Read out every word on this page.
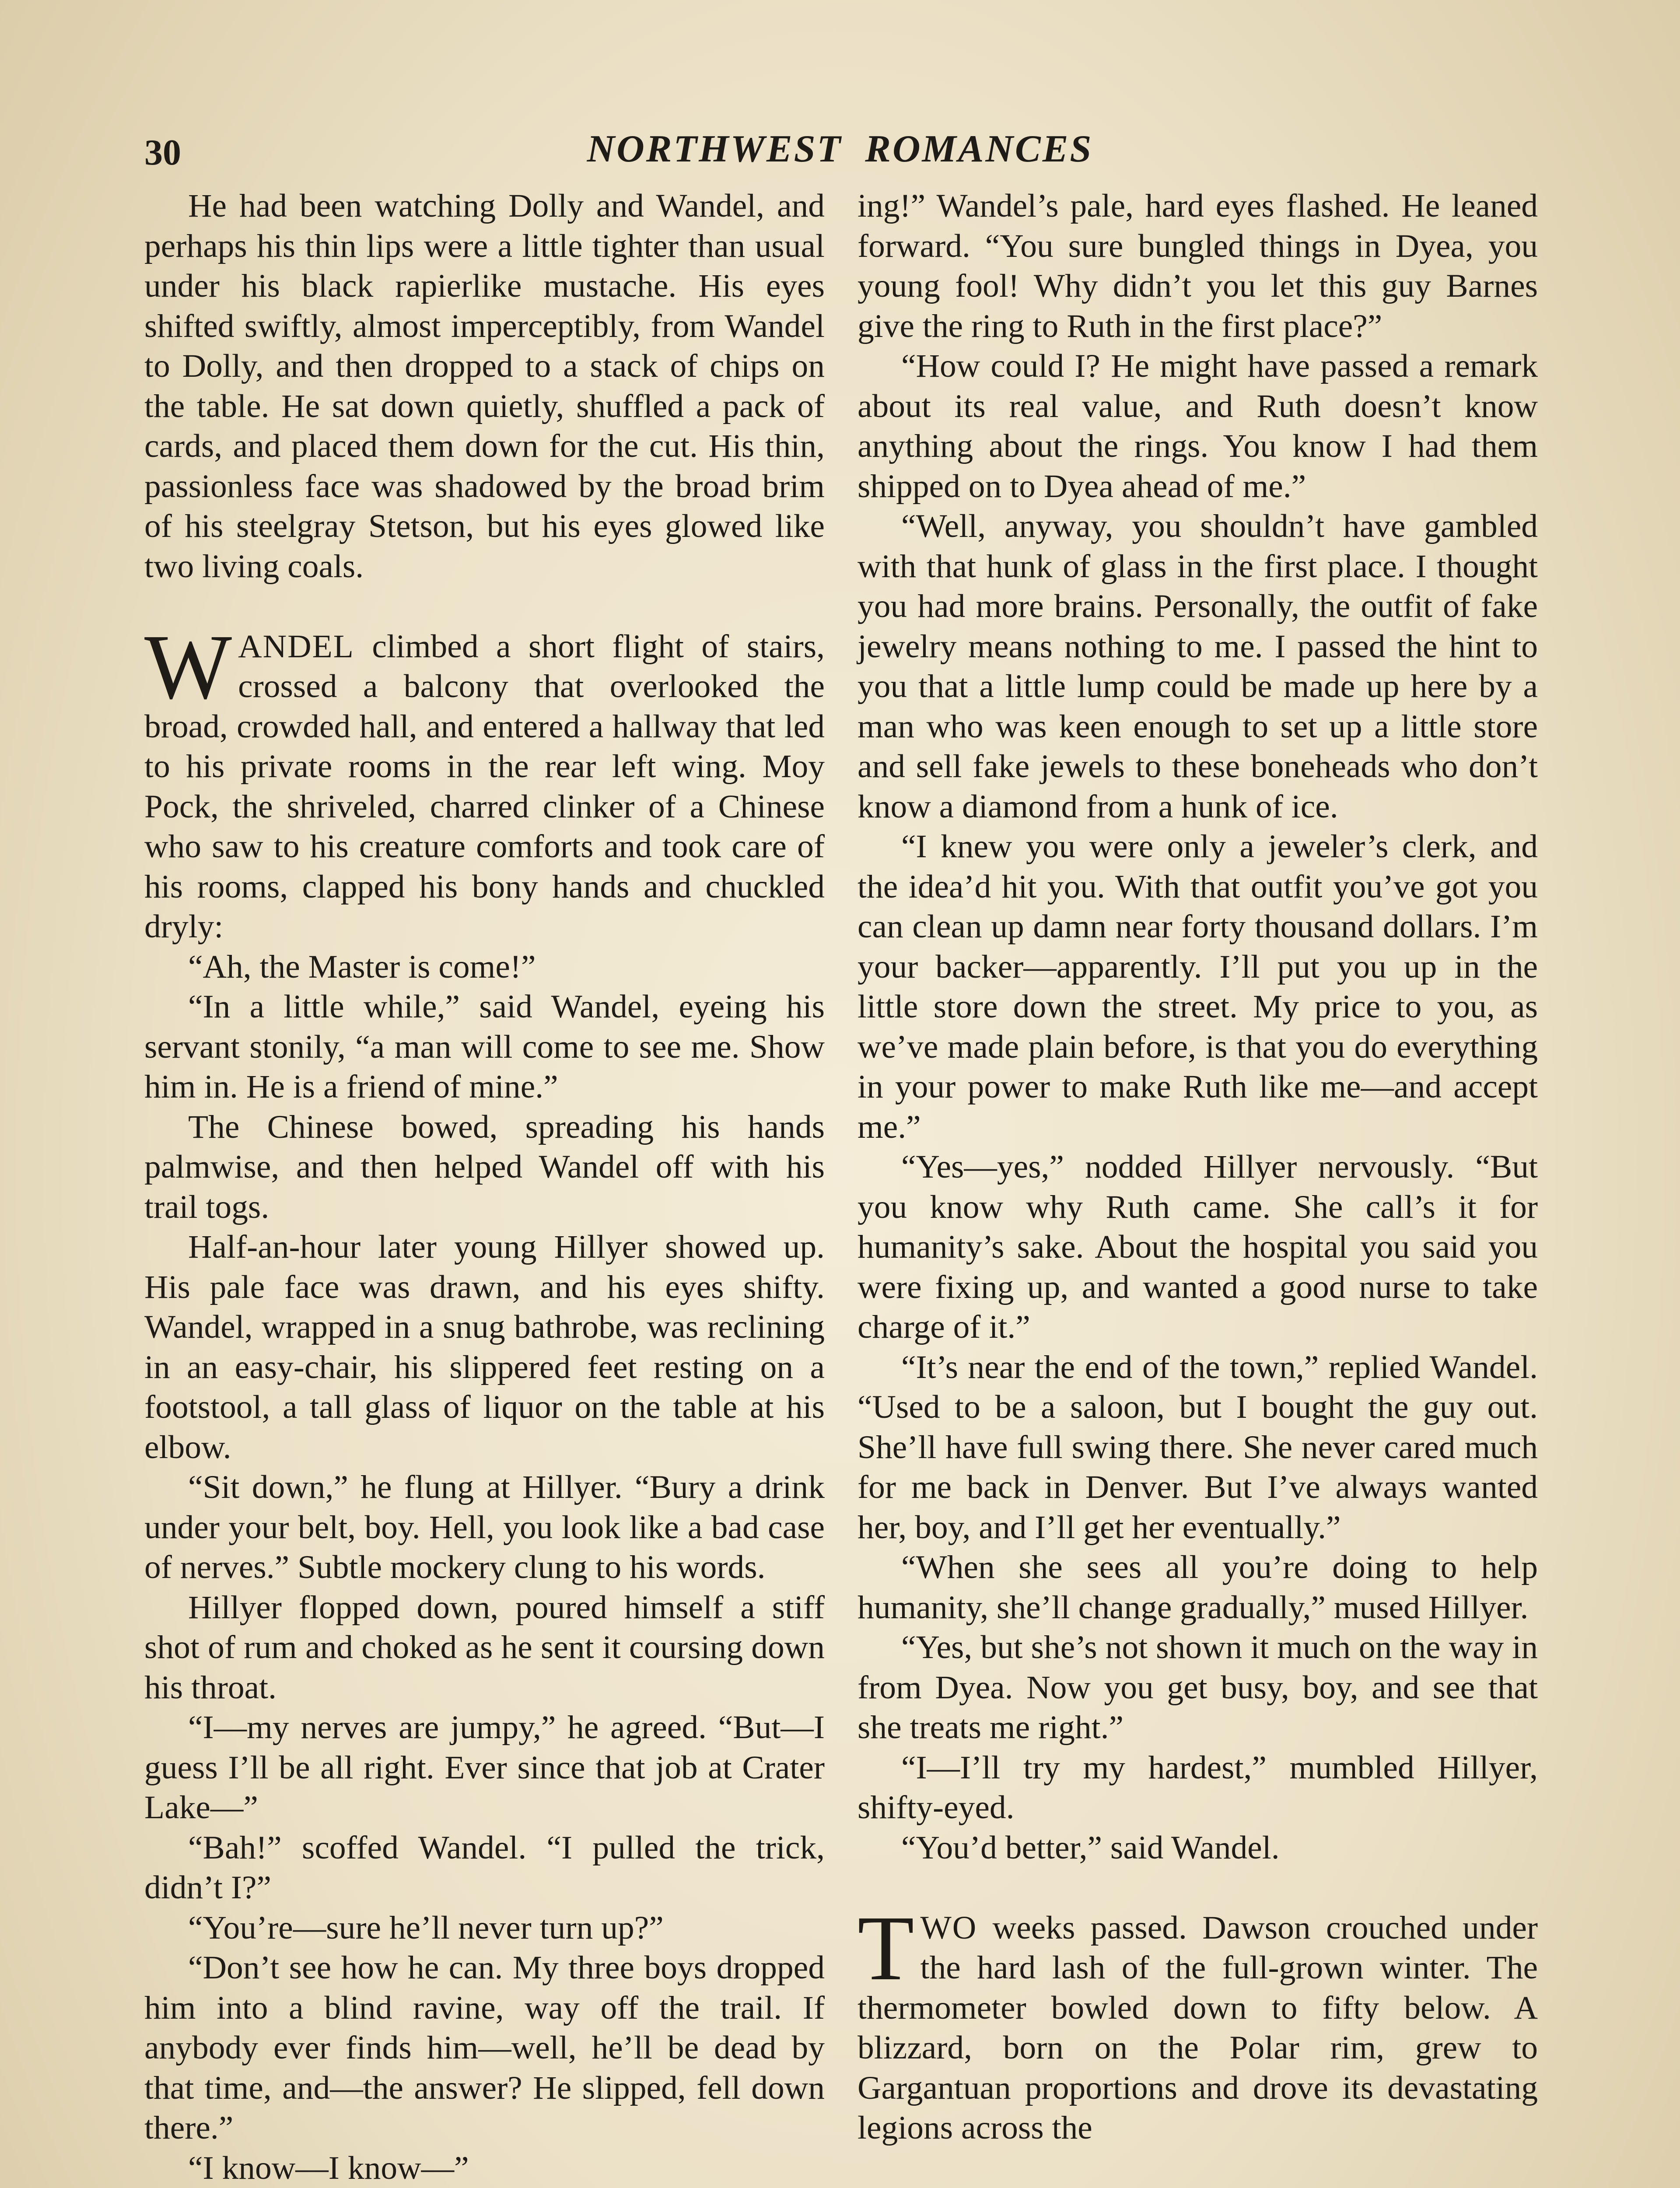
30	NORTHWEST  ROMANCES

He had been watching Dolly and Wandel, and perhaps his thin lips were a little tighter than usual under his black rapierlike mustache. His eyes shifted swiftly, almost imperceptibly, from Wandel to Dolly, and then dropped to a stack of chips on the table. He sat down quietly, shuffled a pack of cards, and placed them down for the cut. His thin, passionless face was shadowed by the broad brim of his steelgray Stetson, but his eyes glowed like two living coals.

WANDEL climbed a short flight of stairs, crossed a balcony that overlooked the broad, crowded hall, and entered a hallway that led to his private rooms in the rear left wing. Moy Pock, the shriveled, charred clinker of a Chinese who saw to his creature comforts and took care of his rooms, clapped his bony hands and chuckled dryly:

“Ah, the Master is come!”

“In a little while,” said Wandel, eyeing his servant stonily, “a man will come to see me. Show him in. He is a friend of mine.”

The Chinese bowed, spreading his hands palmwise, and then helped Wandel off with his trail togs.

Half-an-hour later young Hillyer showed up. His pale face was drawn, and his eyes shifty. Wandel, wrapped in a snug bathrobe, was reclining in an easy-chair, his slippered feet resting on a footstool, a tall glass of liquor on the table at his elbow.

“Sit down,” he flung at Hillyer. “Bury a drink under your belt, boy. Hell, you look like a bad case of nerves.” Subtle mockery clung to his words.

Hillyer flopped down, poured himself a stiff shot of rum and choked as he sent it coursing down his throat.

“I—my nerves are jumpy,” he agreed. “But—I guess I’ll be all right. Ever since that job at Crater Lake—”

“Bah!” scoffed Wandel. “I pulled the trick, didn’t I?”

“You’re—sure he’ll never turn up?”

“Don’t see how he can. My three boys dropped him into a blind ravine, way off the trail. If anybody ever finds him—well, he’ll be dead by that time, and—the answer? He slipped, fell down there.”

“I know—I know—”

ing!” Wandel’s pale, hard eyes flashed. He leaned forward. “You sure bungled things in Dyea, you young fool! Why didn’t you let this guy Barnes give the ring to Ruth in the first place?”

“How could I? He might have passed a remark about its real value, and Ruth doesn’t know anything about the rings. You know I had them shipped on to Dyea ahead of me.”

“Well, anyway, you shouldn’t have gambled with that hunk of glass in the first place. I thought you had more brains. Personally, the outfit of fake jewelry means nothing to me. I passed the hint to you that a little lump could be made up here by a man who was keen enough to set up a little store and sell fake jewels to these boneheads who don’t know a diamond from a hunk of ice.

“I knew you were only a jeweler’s clerk, and the idea’d hit you. With that outfit you’ve got you can clean up damn near forty thousand dollars. I’m your backer—apparently. I’ll put you up in the little store down the street. My price to you, as we’ve made plain before, is that you do everything in your power to make Ruth like me—and accept me.”

“Yes—yes,” nodded Hillyer nervously. “But you know why Ruth came. She call’s it for humanity’s sake. About the hospital you said you were fixing up, and wanted a good nurse to take charge of it.”

“It’s near the end of the town,” replied Wandel. “Used to be a saloon, but I bought the guy out. She’ll have full swing there. She never cared much for me back in Denver. But I’ve always wanted her, boy, and I’ll get her eventually.”

“When she sees all you’re doing to help humanity, she’ll change gradually,” mused Hillyer.

“Yes, but she’s not shown it much on the way in from Dyea. Now you get busy, boy, and see that she treats me right.”

“I—I’ll try my hardest,” mumbled Hillyer, shifty-eyed.

“You’d better,” said Wandel.

TWO weeks passed. Dawson crouched under the hard lash of the full-grown winter. The thermometer bowled down to fifty below. A blizzard, born on the Polar rim, grew to Gargantuan proportions and drove its devastating legions across the
